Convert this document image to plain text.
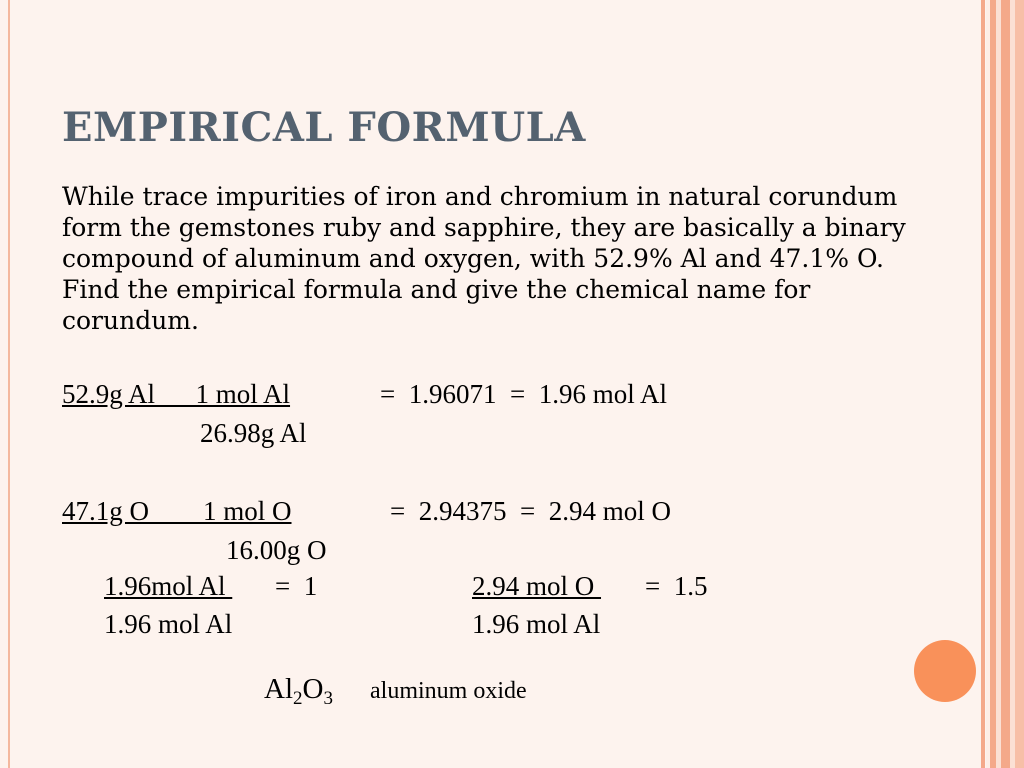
EMPIRICAL FORMULA

While trace impurities of iron and chromium in natural corundum form the gemstones ruby and sapphire, they are basically a binary compound of aluminum and oxygen, with 52.9% Al and 47.1% O. Find the empirical formula and give the chemical name for corundum.

52.9g Al      1 mol Al	=  1.96071  =  1.96 mol Al
26.98g Al
47.1g O        1 mol O	=  2.94375  =  2.94 mol O
16.00g O
1.96mol Al =  1
1.96 mol Al
2.94 mol O =  1.5
1.96 mol Al
$Al_2O_3$ aluminum oxide
